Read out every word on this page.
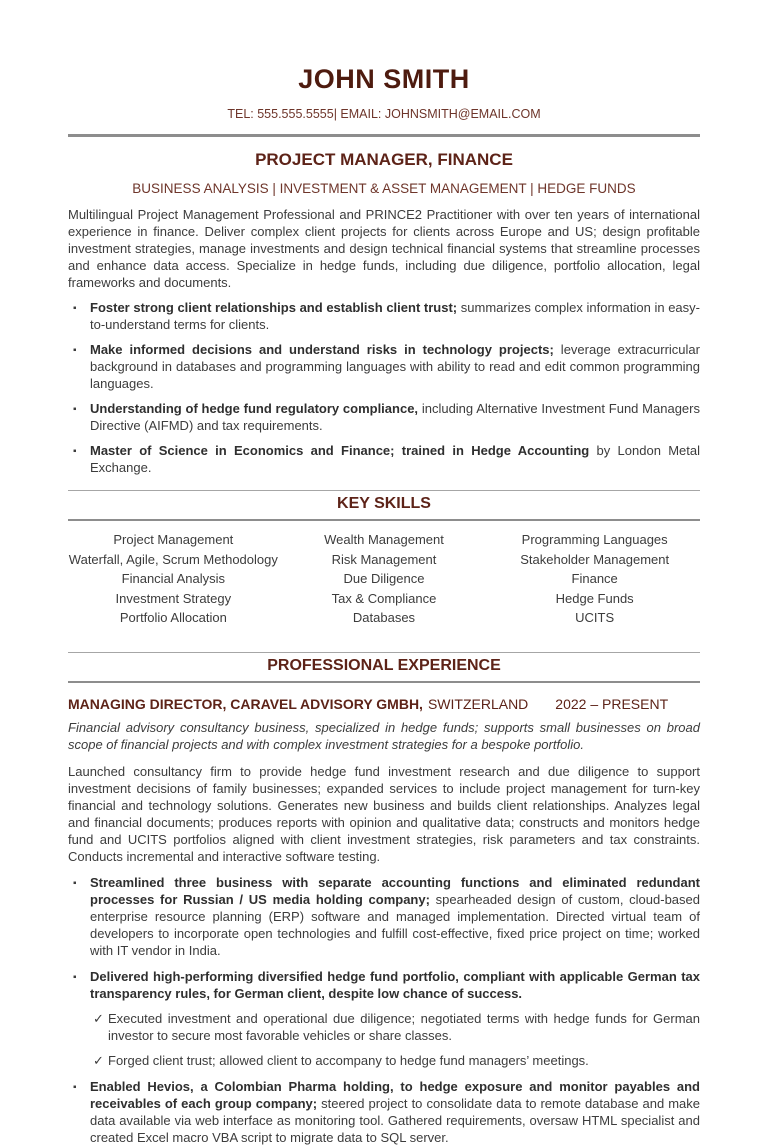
JOHN SMITH
TEL: 555.555.5555| EMAIL: JOHNSMITH@EMAIL.COM
PROJECT MANAGER, FINANCE
BUSINESS ANALYSIS | INVESTMENT & ASSET MANAGEMENT | HEDGE FUNDS
Multilingual Project Management Professional and PRINCE2 Practitioner with over ten years of international experience in finance. Deliver complex client projects for clients across Europe and US; design profitable investment strategies, manage investments and design technical financial systems that streamline processes and enhance data access. Specialize in hedge funds, including due diligence, portfolio allocation, legal frameworks and documents.
▪ Foster strong client relationships and establish client trust; summarizes complex information in easy-to-understand terms for clients.
▪ Make informed decisions and understand risks in technology projects; leverage extracurricular background in databases and programming languages with ability to read and edit common programming languages.
▪ Understanding of hedge fund regulatory compliance, including Alternative Investment Fund Managers Directive (AIFMD) and tax requirements.
▪ Master of Science in Economics and Finance; trained in Hedge Accounting by London Metal Exchange.
KEY SKILLS
Project Management
Waterfall, Agile, Scrum Methodology
Financial Analysis
Investment Strategy
Portfolio Allocation
Wealth Management
Risk Management
Due Diligence
Tax & Compliance
Databases
Programming Languages
Stakeholder Management
Finance
Hedge Funds
UCITS
PROFESSIONAL EXPERIENCE
MANAGING DIRECTOR, CARAVEL ADVISORY GMBH, SWITZERLAND 2022 – PRESENT
Financial advisory consultancy business, specialized in hedge funds; supports small businesses on broad scope of financial projects and with complex investment strategies for a bespoke portfolio.
Launched consultancy firm to provide hedge fund investment research and due diligence to support investment decisions of family businesses; expanded services to include project management for turn-key financial and technology solutions. Generates new business and builds client relationships. Analyzes legal and financial documents; produces reports with opinion and qualitative data; constructs and monitors hedge fund and UCITS portfolios aligned with client investment strategies, risk parameters and tax constraints. Conducts incremental and interactive software testing.
▪ Streamlined three business with separate accounting functions and eliminated redundant processes for Russian / US media holding company; spearheaded design of custom, cloud-based enterprise resource planning (ERP) software and managed implementation. Directed virtual team of developers to incorporate open technologies and fulfill cost-effective, fixed price project on time; worked with IT vendor in India.
▪ Delivered high-performing diversified hedge fund portfolio, compliant with applicable German tax transparency rules, for German client, despite low chance of success.
✓ Executed investment and operational due diligence; negotiated terms with hedge funds for German investor to secure most favorable vehicles or share classes.
✓ Forged client trust; allowed client to accompany to hedge fund managers’ meetings.
▪ Enabled Hevios, a Colombian Pharma holding, to hedge exposure and monitor payables and receivables of each group company; steered project to consolidate data to remote database and make data available via web interface as monitoring tool. Gathered requirements, oversaw HTML specialist and created Excel macro VBA script to migrate data to SQL server.
